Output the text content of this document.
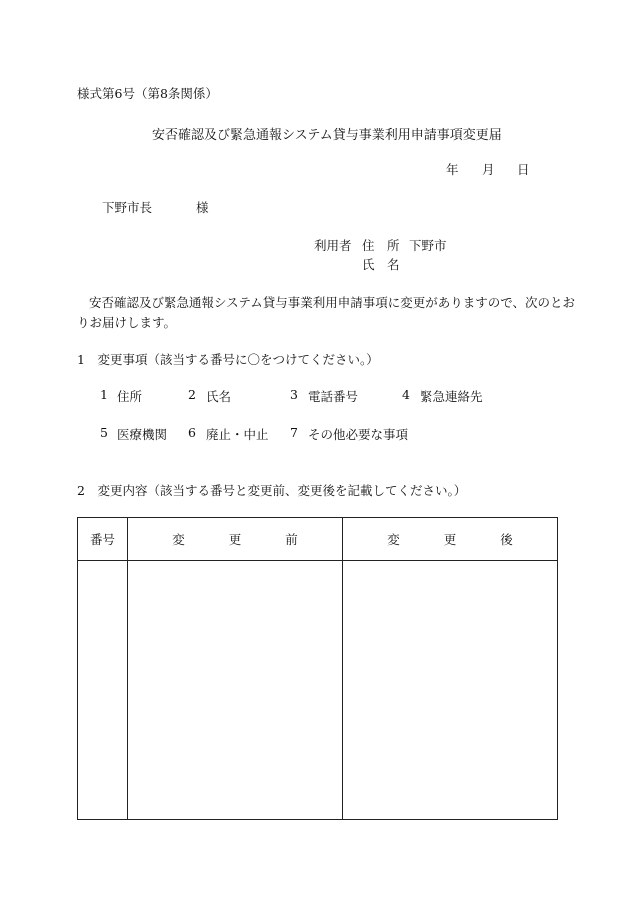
様式第6号（第8条関係）
安否確認及び緊急通報システム貸与事業利用申請事項変更届
年 月 日
下野市長	様
利用者 住　所 下野市
氏　名
安否確認及び緊急通報システム貸与事業利用申請事項に変更がありますので、次のとお
りお届けします。
1　変更事項（該当する番号に〇をつけてください。）
1 住所	2 氏名	3 電話番号	4 緊急連絡先
5 医療機関 6 廃止・中止 7 その他必要な事項
2　変更内容（該当する番号と変更前、変更後を記載してください。）
番号	変更前	変更後
